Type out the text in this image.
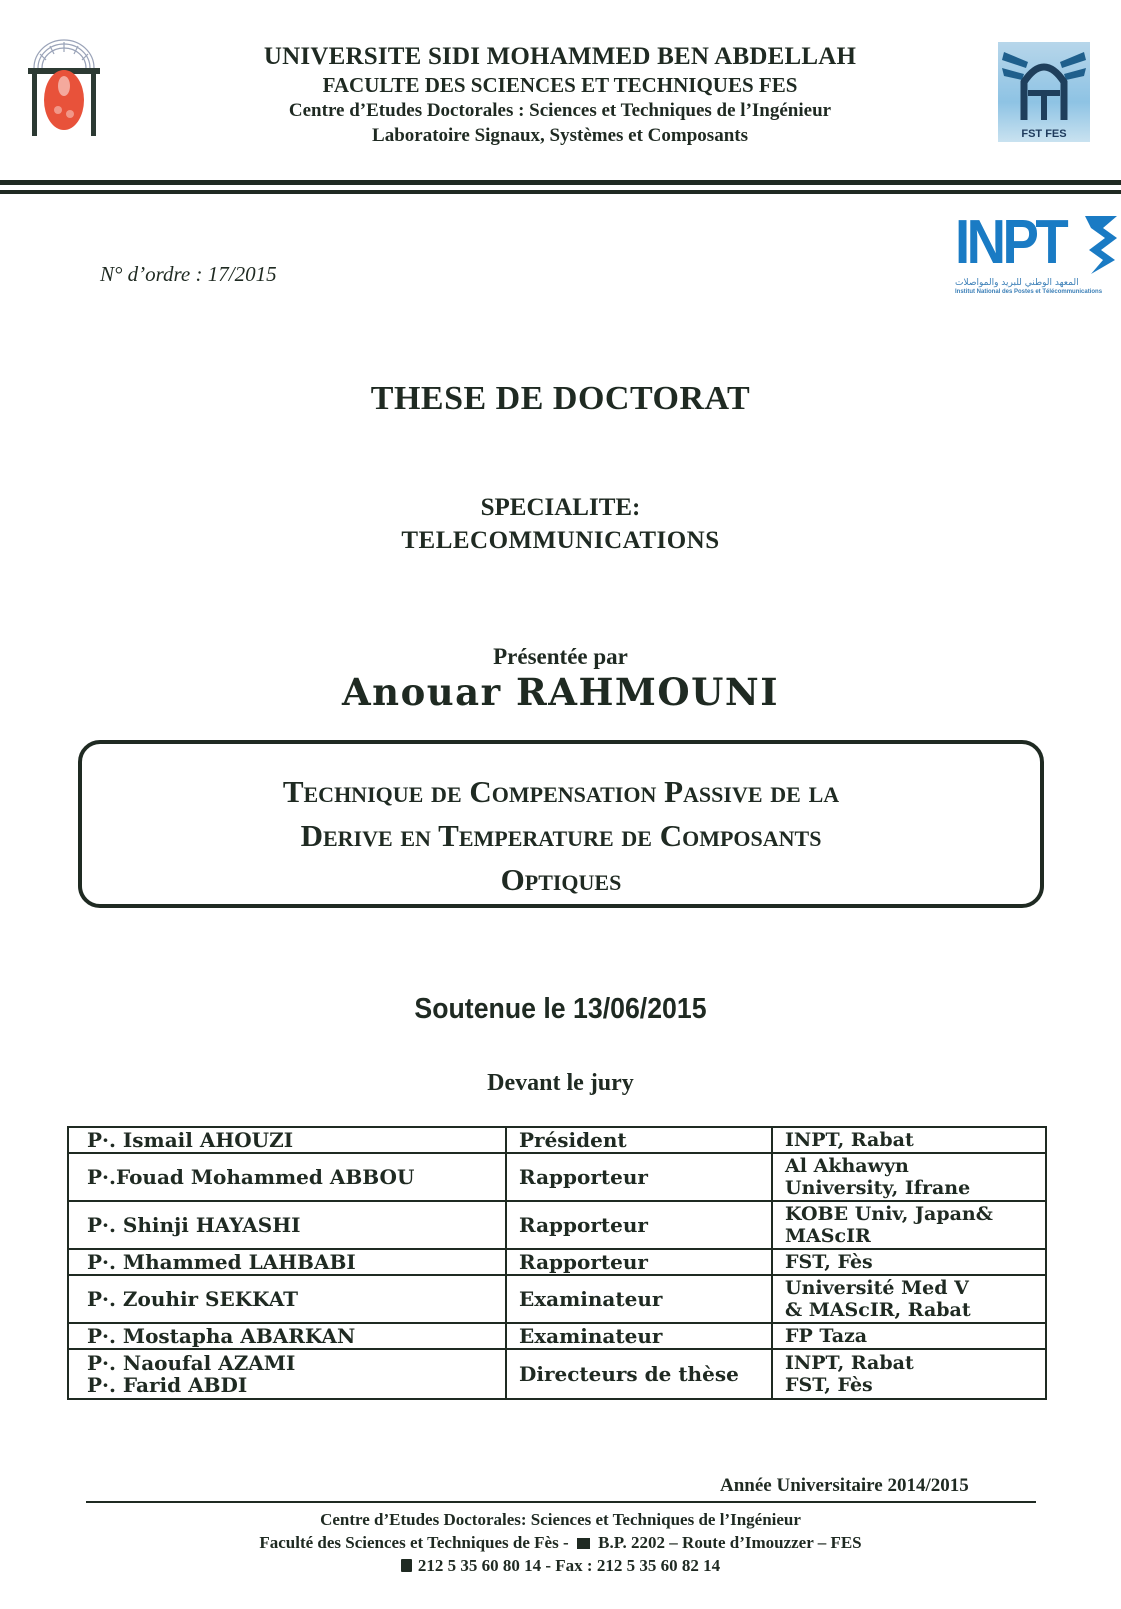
UNIVERSITE SIDI MOHAMMED BEN ABDELLAH
FACULTE DES SCIENCES ET TECHNIQUES FES
Centre d’Etudes Doctorales : Sciences et Techniques de l’Ingénieur
Laboratoire Signaux, Systèmes et Composants	FST FES
INPT
المعهد الوطني للبريد والمواصلات
Institut National des Postes et Télécommunications
N° d’ordre : 17/2015
THESE DE DOCTORAT
SPECIALITE:
TELECOMMUNICATIONS
Présentée par
Anouar RAHMOUNI
Technique de Compensation Passive de la
Derive en Temperature de Composants
Optiques
Soutenue le 13/06/2015
Devant le jury
P·. Ismail AHOUZI	Président	INPT, Rabat

P·.Fouad Mohammed ABBOU	Rapporteur	Al Akhawyn
University, Ifrane

P·. Shinji HAYASHI	Rapporteur	KOBE Univ, Japan&
MAScIR

P·. Mhammed LAHBABI	Rapporteur	FST, Fès

P·. Zouhir SEKKAT	Examinateur	Université Med V
& MAScIR, Rabat

P·. Mostapha ABARKAN	Examinateur	FP Taza

P·. Naoufal AZAMI
P·. Farid ABDI	Directeurs de thèse	INPT, Rabat
FST, Fès
Année Universitaire 2014/2015
Centre d’Etudes Doctorales: Sciences et Techniques de l’Ingénieur
Faculté des Sciences et Techniques de Fès - B.P. 2202 – Route d’Imouzzer – FES
212 5 35 60 80 14 - Fax : 212 5 35 60 82 14
